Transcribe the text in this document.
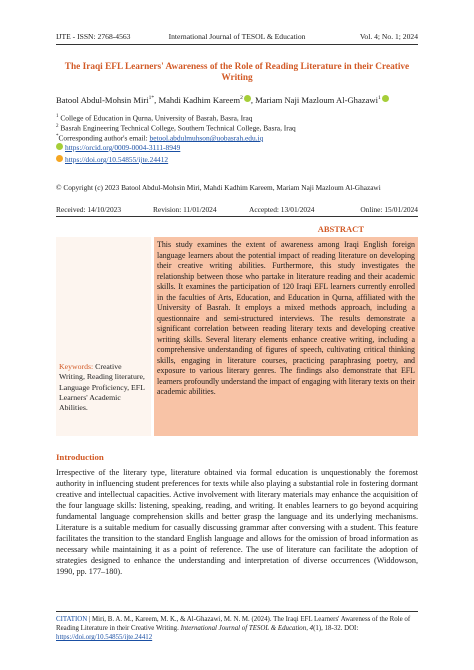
IJTE - ISSN: 2768-4563	International Journal of TESOL & Education	Vol. 4; No. 1; 2024
The Iraqi EFL Learners' Awareness of the Role of Reading Literature in their Creative Writing
Batool Abdul-Mohsin Miri$^{1*}$, Mahdi Kadhim Kareem$^2$ , Mariam Naji Mazloum Al-Ghazawi$^1$
$^1$ College of Education in Qurna, University of Basrah, Basra, Iraq
$^2$ Basrah Engineering Technical College, Southern Technical College, Basra, Iraq
*Corresponding author's email: betool.abdulmuhson@uobasrah.edu.iq
https://orcid.org/0009-0004-3111-8949
https://doi.org/10.54855/ijte.24412
© Copyright (c) 2023 Batool Abdul-Mohsin Miri, Mahdi Kadhim Kareem, Mariam Naji Mazloum Al-Ghazawi
Received: 14/10/2023	Revision: 11/01/2024	Accepted: 13/01/2024	Online: 15/01/2024
ABSTRACT
Keywords: Creative Writing, Reading literature, Language Proficiency, EFL Learners' Academic Abilities.
This study examines the extent of awareness among Iraqi English foreign language learners about the potential impact of reading literature on developing their creative writing abilities. Furthermore, this study investigates the relationship between those who partake in literature reading and their academic skills. It examines the participation of 120 Iraqi EFL learners currently enrolled in the faculties of Arts, Education, and Education in Qurna, affiliated with the University of Basrah. It employs a mixed methods approach, including a questionnaire and semi-structured interviews. The results demonstrate a significant correlation between reading literary texts and developing creative writing skills. Several literary elements enhance creative writing, including a comprehensive understanding of figures of speech, cultivating critical thinking skills, engaging in literature courses, practicing paraphrasing poetry, and exposure to various literary genres. The findings also demonstrate that EFL learners profoundly understand the impact of engaging with literary texts on their academic abilities.
Introduction
Irrespective of the literary type, literature obtained via formal education is unquestionably the foremost authority in influencing student preferences for texts while also playing a substantial role in fostering dormant creative and intellectual capacities. Active involvement with literary materials may enhance the acquisition of the four language skills: listening, speaking, reading, and writing. It enables learners to go beyond acquiring fundamental language comprehension skills and better grasp the language and its underlying mechanisms. Literature is a suitable medium for casually discussing grammar after conversing with a student. This feature facilitates the transition to the standard English language and allows for the omission of broad information as necessary while maintaining it as a point of reference. The use of literature can facilitate the adoption of strategies designed to enhance the understanding and interpretation of diverse occurrences (Widdowson, 1990, pp. 177–180).
CITATION | Miri, B. A. M., Kareem, M. K., & Al-Ghazawi, M. N. M. (2024). The Iraqi EFL Learners' Awareness of the Role of Reading Literature in their Creative Writing. International Journal of TESOL & Education, 4(1), 18-32. DOI: https://doi.org/10.54855/ijte.24412
